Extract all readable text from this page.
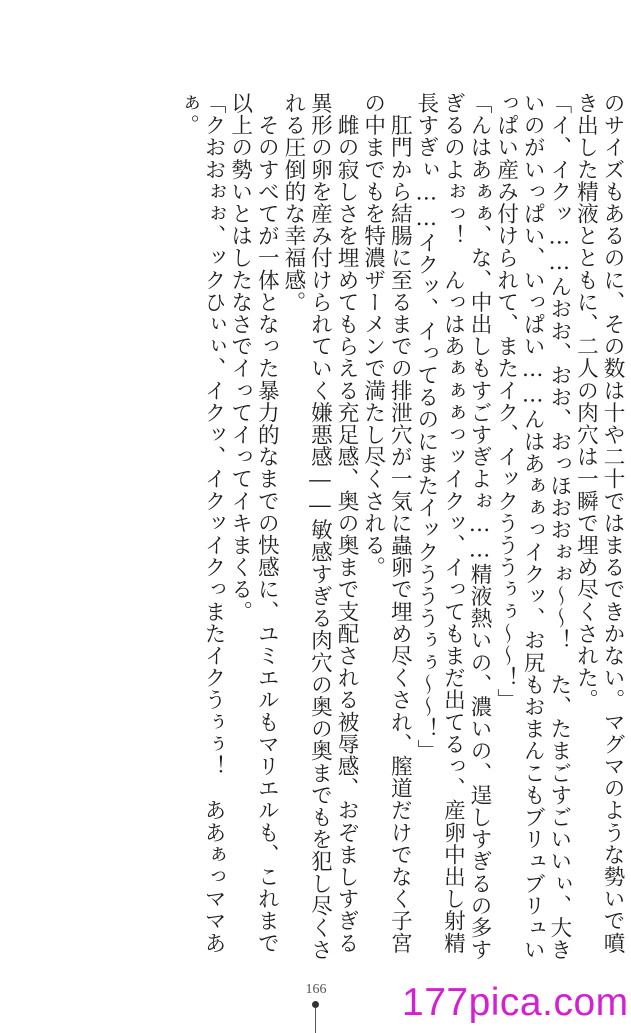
のサイズもあるのに、その数は十や二十ではまるできかない。マグマのような勢いで噴き出した精液とともに、二人の肉穴は一瞬で埋め尽くされた。

「イ、イクッ……んおお、おお、おっほおおぉぉ～～！　た、たまごすごいいぃ、大きいのがいっぱい、いっぱい……んはあぁぁっイクッ、お尻もおまんこもブリュブリュいっぱい産み付けられて、またイク、イックうううぅぅ～～！」

「んはあぁぁ、な、中出しもすごすぎよぉ……精液熱いの、濃いの、逞しすぎるの多すぎるのよぉっ！　んっはあぁぁぁっッイクッ、イってもまだ出てるっ、産卵中出し射精長すぎぃ……イクッ、イってるのにまたイックうううぅぅ～～！」

　肛門から結腸に至るまでの排泄穴が一気に蟲卵で埋め尽くされ、膣道だけでなく子宮の中までもを特濃ザーメンで満たし尽くされる。

　雌の寂しさを埋めてもらえる充足感、奥の奥まで支配される被辱感、おぞましすぎる異形の卵を産み付けられていく嫌悪感――敏感すぎる肉穴の奥の奥までもを犯し尽くされる圧倒的な幸福感。

　そのすべてが一体となった暴力的なまでの快感に、ユミエルもマリエルも、これまで以上の勢いとはしたなさでイってイってイキまくる。

「クおおぉぉ、ックひぃぃ、イクッ、イクッイクっまたイクうぅぅ！　ああぁっママあぁ。

166 177pica.com
